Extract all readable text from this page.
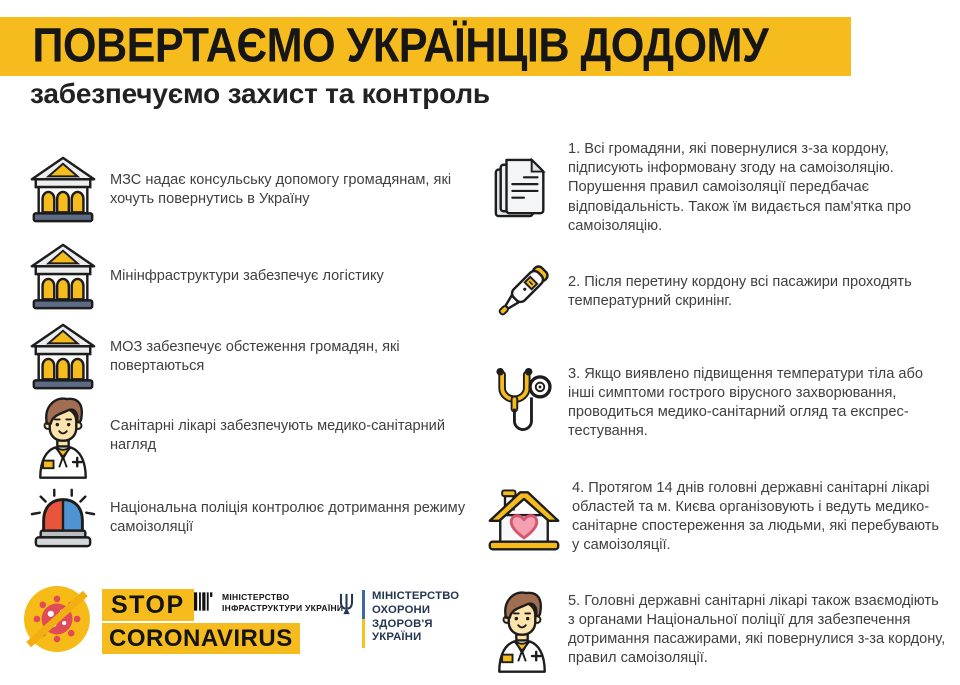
ПОВЕРТАЄМО УКРАЇНЦІВ ДОДОМУ
забезпечуємо захист та контроль

МЗС надає консульську допомогу громадянам, які хочуть повернутись в Україну

Мінінфраструктури забезпечує логістику

МОЗ забезпечує обстеження громадян, які повертаються

Санітарні лікарі забезпечують медико-санітарний нагляд

Національна поліція контролює дотримання режиму самоізоляції

1. Всі громадяни, які повернулися з-за кордону, підписують інформовану згоду на самоізоляцію. Порушення правил самоізоляції передбачає відповідальність. Також їм видається пам'ятка про самоізоляцію.

2. Після перетину кордону всі пасажири проходять температурний скринінг.

3. Якщо виявлено підвищення температури тіла або інші симптоми гострого вірусного захворювання, проводиться медико-санітарний огляд та експрес-тестування.

4. Протягом 14 днів головні державні санітарні лікарі областей та м. Києва організовують і ведуть медико-санітарне спостереження за людьми, які перебувають у самоізоляції.

5. Головні державні санітарні лікарі також взаємодіють з органами Національної поліції для забезпечення дотримання пасажирами, які повернулися з-за кордону, правил самоізоляції.

STOP
CORONAVIRUS
МІНІСТЕРСТВО
ІНФРАСТРУКТУРИ УКРАЇНИ
МІНІСТЕРСТВО
ОХОРОНИ
ЗДОРОВ'Я
УКРАЇНИ
